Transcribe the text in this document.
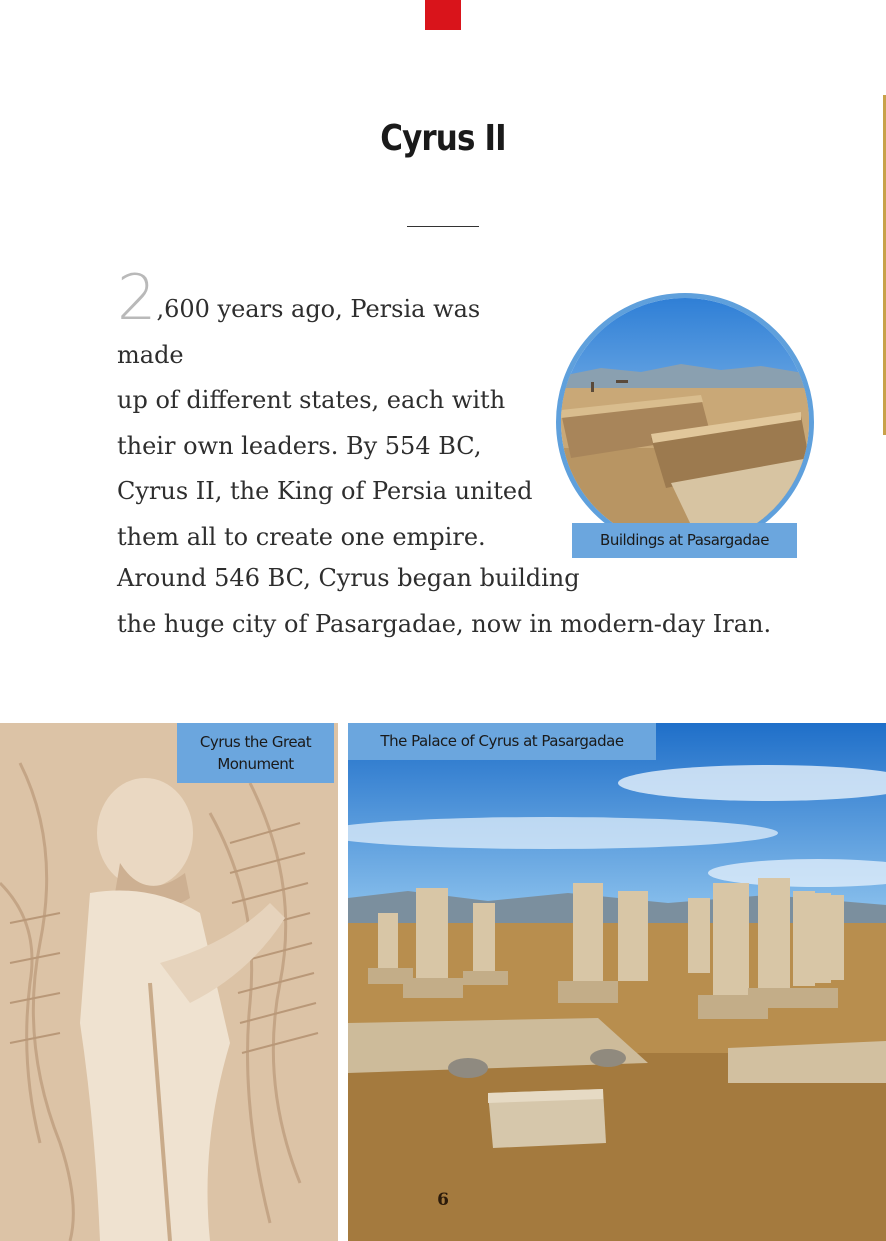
Cyrus II
2,600 years ago, Persia was made
up of different states, each with
their own leaders. By 554 BC,
Cyrus II, the King of Persia united
them all to create one empire.	Buildings at Pasargadae
Around 546 BC, Cyrus began building
the huge city of Pasargadae, now in modern-day Iran.
Cyrus the Great
Monument
The Palace of Cyrus at Pasargadae
6
